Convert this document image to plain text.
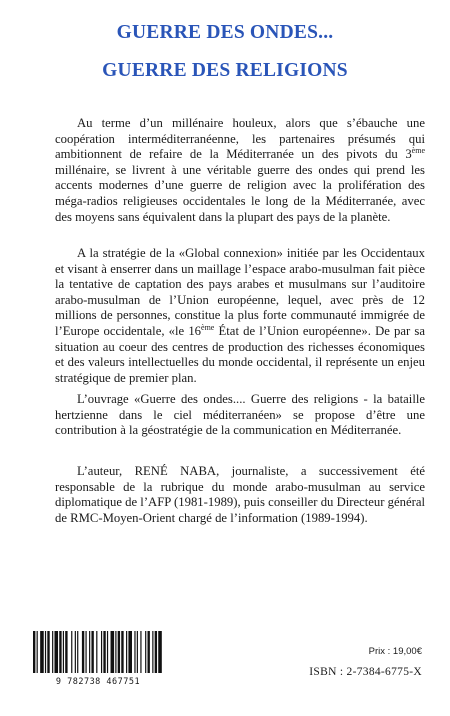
GUERRE DES ONDES...
GUERRE DES RELIGIONS

Au terme d’un millénaire houleux, alors que s’ébauche une coopération interméditerranéenne, les partenaires présumés qui ambitionnent de refaire de la Méditerranée un des pivots du 3ème millénaire, se livrent à une véritable guerre des ondes qui prend les accents modernes d’une guerre de religion avec la prolifération des méga-radios religieuses occidentales le long de la Méditerranée, avec des moyens sans équivalent dans la plupart des pays de la planète.

A la stratégie de la «Global connexion» initiée par les Occidentaux et visant à enserrer dans un maillage l’espace arabo-musulman fait pièce la tentative de captation des pays arabes et musulmans sur l’auditoire arabo-musulman de l’Union européenne, lequel, avec près de 12 millions de personnes, constitue la plus forte communauté immigrée de l’Europe occidentale, «le 16ème État de l’Union européenne». De par sa situation au coeur des centres de production des richesses économiques et des valeurs intellectuelles du monde occidental, il représente un enjeu stratégique de premier plan.

L’ouvrage «Guerre des ondes.... Guerre des religions - la bataille hertzienne dans le ciel méditerranéen» se propose d’être une contribution à la géostratégie de la communication en Méditerranée.

L’auteur, RENÉ NABA, journaliste, a successivement été responsable de la rubrique du monde arabo-musulman au service diplomatique de l’AFP (1981-1989), puis conseiller du Directeur général de RMC-Moyen-Orient chargé de l’information (1989-1994).

9 782738 467751
Prix : 19,00€
ISBN : 2-7384-6775-X
